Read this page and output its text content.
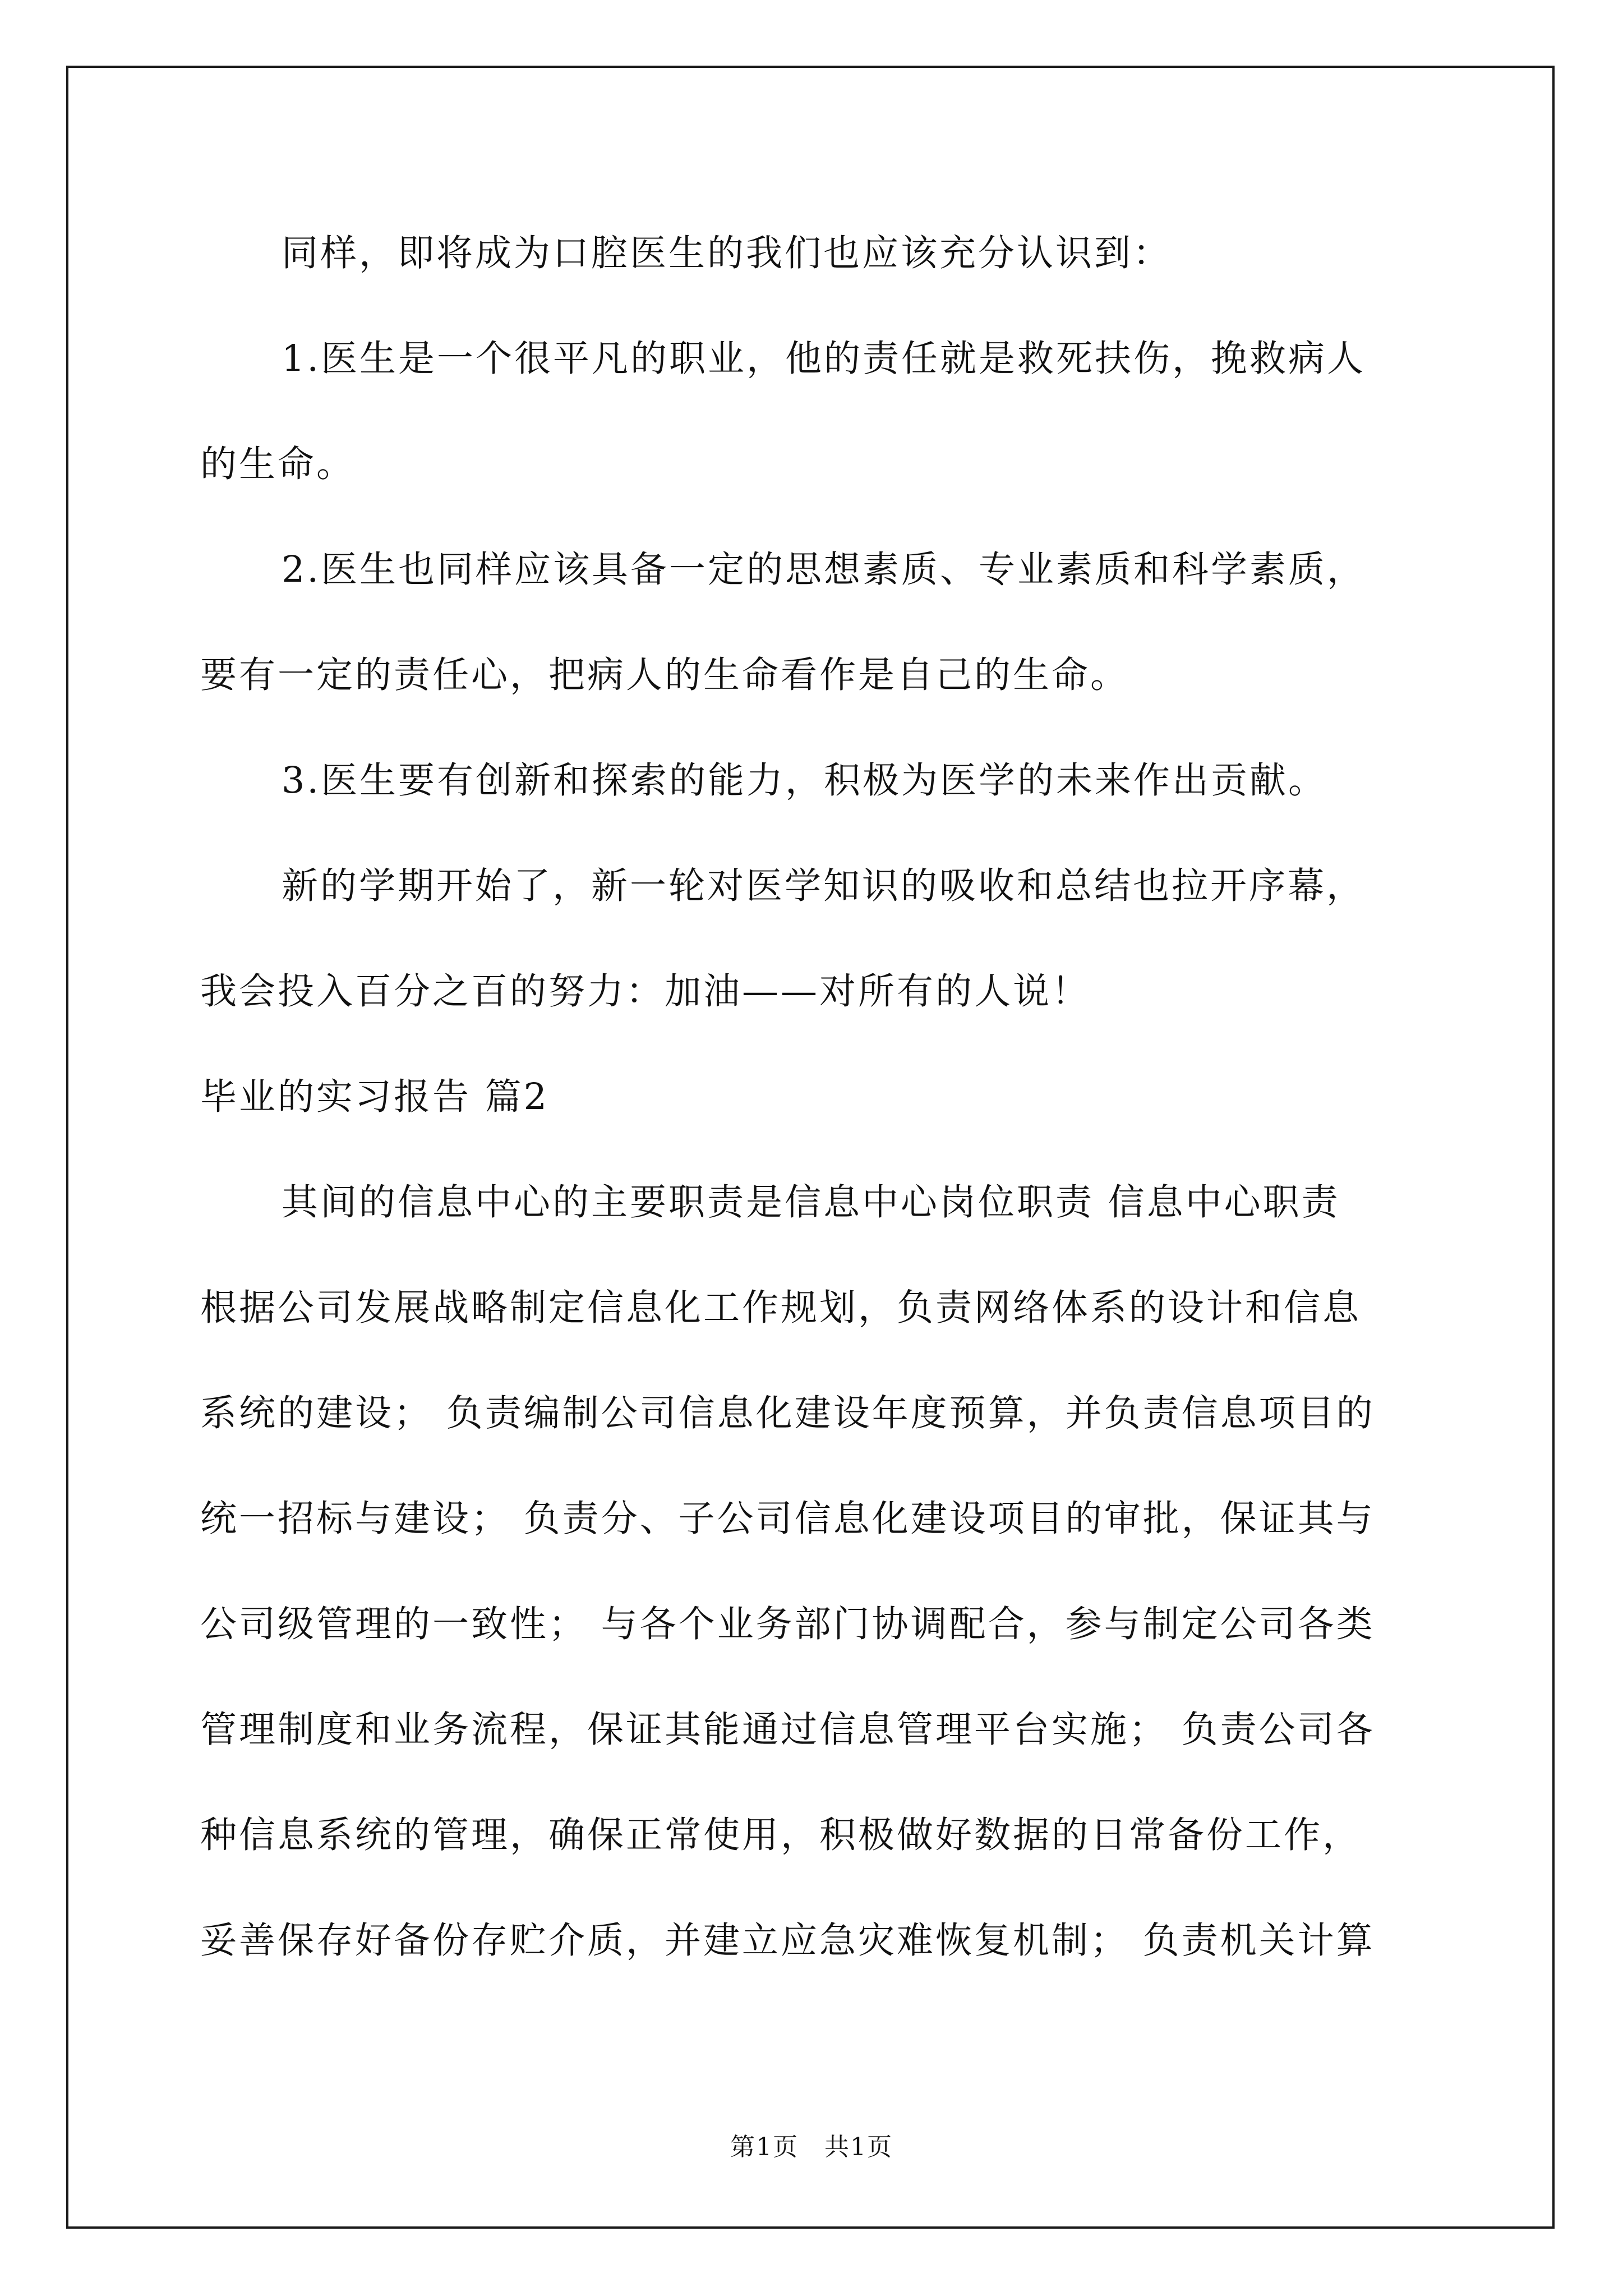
同样，即将成为口腔医生的我们也应该充分认识到：
1.医生是一个很平凡的职业，他的责任就是救死扶伤，挽救病人
的生命。
2.医生也同样应该具备一定的思想素质、专业素质和科学素质，
要有一定的责任心，把病人的生命看作是自己的生命。
3.医生要有创新和探索的能力，积极为医学的未来作出贡献。
新的学期开始了，新一轮对医学知识的吸收和总结也拉开序幕，
我会投入百分之百的努力：加油——对所有的人说！
毕业的实习报告 篇2
其间的信息中心的主要职责是信息中心岗位职责 信息中心职责
根据公司发展战略制定信息化工作规划，负责网络体系的设计和信息
系统的建设； 负责编制公司信息化建设年度预算，并负责信息项目的
统一招标与建设； 负责分、子公司信息化建设项目的审批，保证其与
公司级管理的一致性； 与各个业务部门协调配合，参与制定公司各类
管理制度和业务流程，保证其能通过信息管理平台实施； 负责公司各
种信息系统的管理，确保正常使用，积极做好数据的日常备份工作，
妥善保存好备份存贮介质，并建立应急灾难恢复机制； 负责机关计算
第1页　共1页
